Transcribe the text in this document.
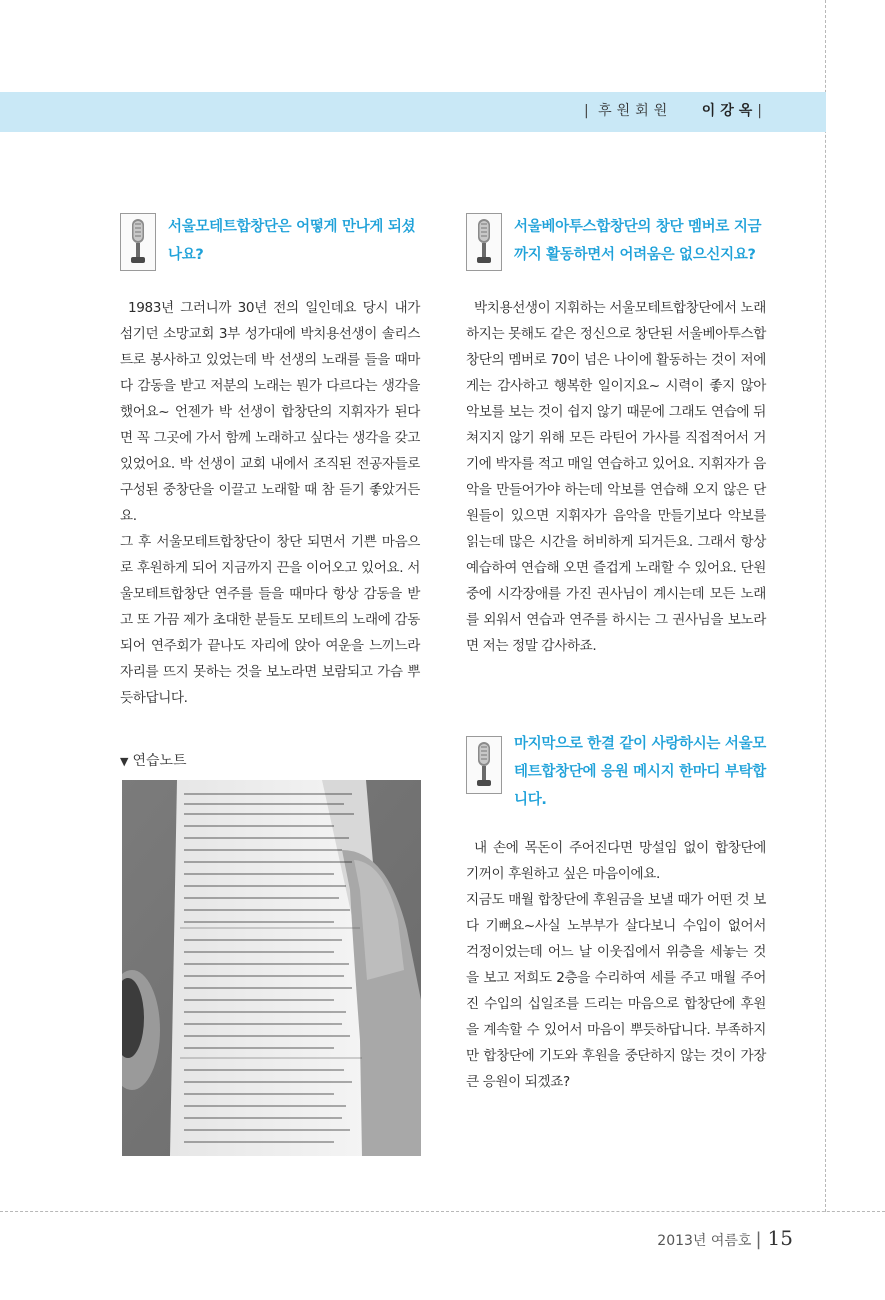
| 후원회원 이강옥|
서울모테트합창단은 어떻게 만나게 되셨나요?

1983년 그러니까 30년 전의 일인데요 당시 내가 섬기던 소망교회 3부 성가대에 박치용선생이 솔리스트로 봉사하고 있었는데 박 선생의 노래를 들을 때마다 감동을 받고 저분의 노래는 뭔가 다르다는 생각을 했어요~ 언젠가 박 선생이 합창단의 지휘자가 된다면 꼭 그곳에 가서 함께 노래하고 싶다는 생각을 갖고 있었어요. 박 선생이 교회 내에서 조직된 전공자들로 구성된 중창단을 이끌고 노래할 때 참 듣기 좋았거든요.

그 후 서울모테트합창단이 창단 되면서 기쁜 마음으로 후원하게 되어 지금까지 끈을 이어오고 있어요. 서울모테트합창단 연주를 들을 때마다 항상 감동을 받고 또 가끔 제가 초대한 분들도 모테트의 노래에 감동되어 연주회가 끝나도 자리에 앉아 여운을 느끼느라 자리를 뜨지 못하는 것을 보노라면 보람되고 가슴 뿌듯하답니다.

▼ 연습노트
서울베아투스합창단의 창단 멤버로 지금까지 활동하면서 어려움은 없으신지요?

박치용선생이 지휘하는 서울모테트합창단에서 노래하지는 못해도 같은 정신으로 창단된 서울베아투스합창단의 멤버로 70이 넘은 나이에 활동하는 것이 저에게는 감사하고 행복한 일이지요~ 시력이 좋지 않아 악보를 보는 것이 쉽지 않기 때문에 그래도 연습에 뒤쳐지지 않기 위해 모든 라틴어 가사를 직접적어서 거기에 박자를 적고 매일 연습하고 있어요. 지휘자가 음악을 만들어가야 하는데 악보를 연습해 오지 않은 단원들이 있으면 지휘자가 음악을 만들기보다 악보를 읽는데 많은 시간을 허비하게 되거든요. 그래서 항상 예습하여 연습해 오면 즐겁게 노래할 수 있어요. 단원 중에 시각장애를 가진 권사님이 계시는데 모든 노래를 외워서 연습과 연주를 하시는 그 권사님을 보노라면 저는 정말 감사하죠.

마지막으로 한결 같이 사랑하시는 서울모테트합창단에 응원 메시지 한마디 부탁합니다.

내 손에 목돈이 주어진다면 망설임 없이 합창단에 기꺼이 후원하고 싶은 마음이에요.

지금도 매월 합창단에 후원금을 보낼 때가 어떤 것 보다 기뻐요~사실 노부부가 살다보니 수입이 없어서 걱정이었는데 어느 날 이웃집에서 위층을 세놓는 것을 보고 저희도 2층을 수리하여 세를 주고 매월 주어진 수입의 십일조를 드리는 마음으로 합창단에 후원을 계속할 수 있어서 마음이 뿌듯하답니다. 부족하지만 합창단에 기도와 후원을 중단하지 않는 것이 가장 큰 응원이 되겠죠?

2013년 여름호 | 15
